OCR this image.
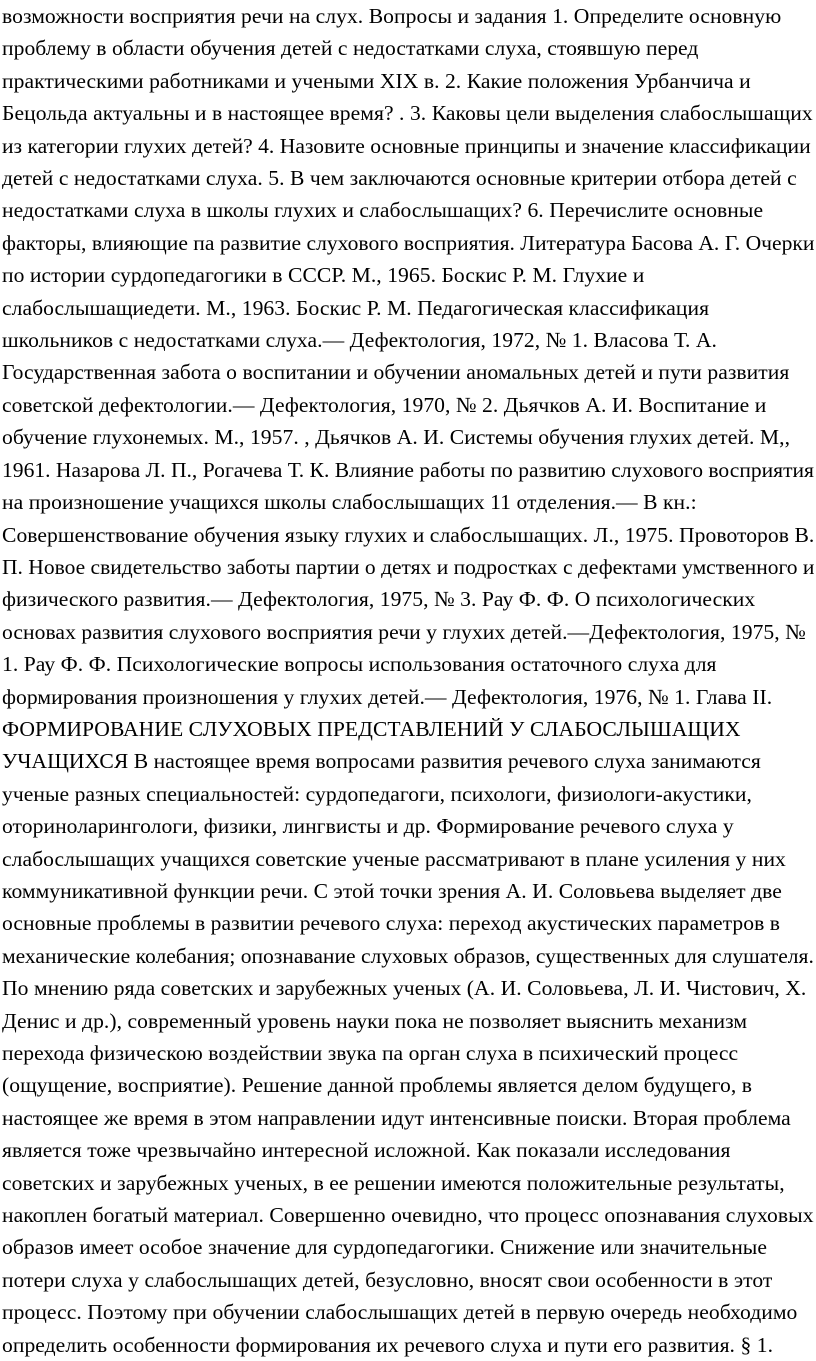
возможности восприятия речи на слух. Вопросы и задания 1. Определите основную
проблему в области обучения детей с недостатками слуха, стоявшую перед
практическими работниками и учеными XIX в. 2. Какие положения Урбанчича и
Бецольда актуальны и в настоящее время? . 3. Каковы цели выделения слабослышащих
из категории глухих детей? 4. Назовите основные принципы и значение классификации
детей с недостатками слуха. 5. В чем заключаются основные критерии отбора детей с
недостатками слуха в школы глухих и слабослышащих? 6. Перечислите основные
факторы, влияющие па развитие слухового восприятия. Литература Басова А. Г. Очерки
по истории сурдопедагогики в СССР. М., 1965. Боскис Р. М. Глухие и
слабослышащиедети. М., 1963. Боскис Р. М. Педагогическая классификация
школьников с недостатками слуха.— Дефектология, 1972, № 1. Власова Т. А.
Государственная забота о воспитании и обучении аномальных детей и пути развития
советской дефектологии.— Дефектология, 1970, № 2. Дьячков А. И. Воспитание и
обучение глухонемых. М., 1957. , Дьячков А. И. Системы обучения глухих детей. М,,
1961. Назарова Л. П., Рогачева Т. К. Влияние работы по развитию слухового восприятия
на произношение учащихся школы слабослышащих 11 отделения.— В кн.:
Совершенствование обучения языку глухих и слабослышащих. Л., 1975. Провоторов В.
П. Новое свидетельство заботы партии о детях и подростках с дефектами умственного и
физического развития.— Дефектология, 1975, № 3. Рау Ф. Ф. О психологических
основах развития слухового восприятия речи у глухих детей.—Дефектология, 1975, №
1. Рау Ф. Ф. Психологические вопросы использования остаточного слуха для
формирования произношения у глухих детей.— Дефектология, 1976, № 1. Глава II.
ФОРМИРОВАНИЕ СЛУХОВЫХ ПРЕДСТАВЛЕНИЙ У СЛАБОСЛЫШАЩИХ
УЧАЩИХСЯ В настоящее время вопросами развития речевого слуха занимаются
ученые разных специальностей: сурдопедагоги, психологи, физиологи-акустики,
оториноларингологи, физики, лингвисты и др. Формирование речевого слуха у
слабослышащих учащихся советские ученые рассматривают в плане усиления у них
коммуникативной функции речи. С этой точки зрения А. И. Соловьева выделяет две
основные проблемы в развитии речевого слуха: переход акустических параметров в
механические колебания; опознавание слуховых образов, существенных для слушателя.
По мнению ряда советских и зарубежных ученых (А. И. Соловьева, Л. И. Чистович, X.
Денис и др.), современный уровень науки пока не позволяет выяснить механизм
перехода физическою воздействии звука па орган слуха в психический процесс
(ощущение, восприятие). Решение данной проблемы является делом будущего, в
настоящее же время в этом направлении идут интенсивные поиски. Вторая проблема
является тоже чрезвычайно интересной исложной. Как показали исследования
советских и зарубежных ученых, в ее решении имеются положительные результаты,
накоплен богатый материал. Совершенно очевидно, что процесс опознавания слуховых
образов имеет особое значение для сурдопедагогики. Снижение или значительные
потери слуха у слабослышащих детей, безусловно, вносят свои особенности в этот
процесс. Поэтому при обучении слабослышащих детей в первую очередь необходимо
определить особенности формирования их речевого слуха и пути его развития. § 1.
